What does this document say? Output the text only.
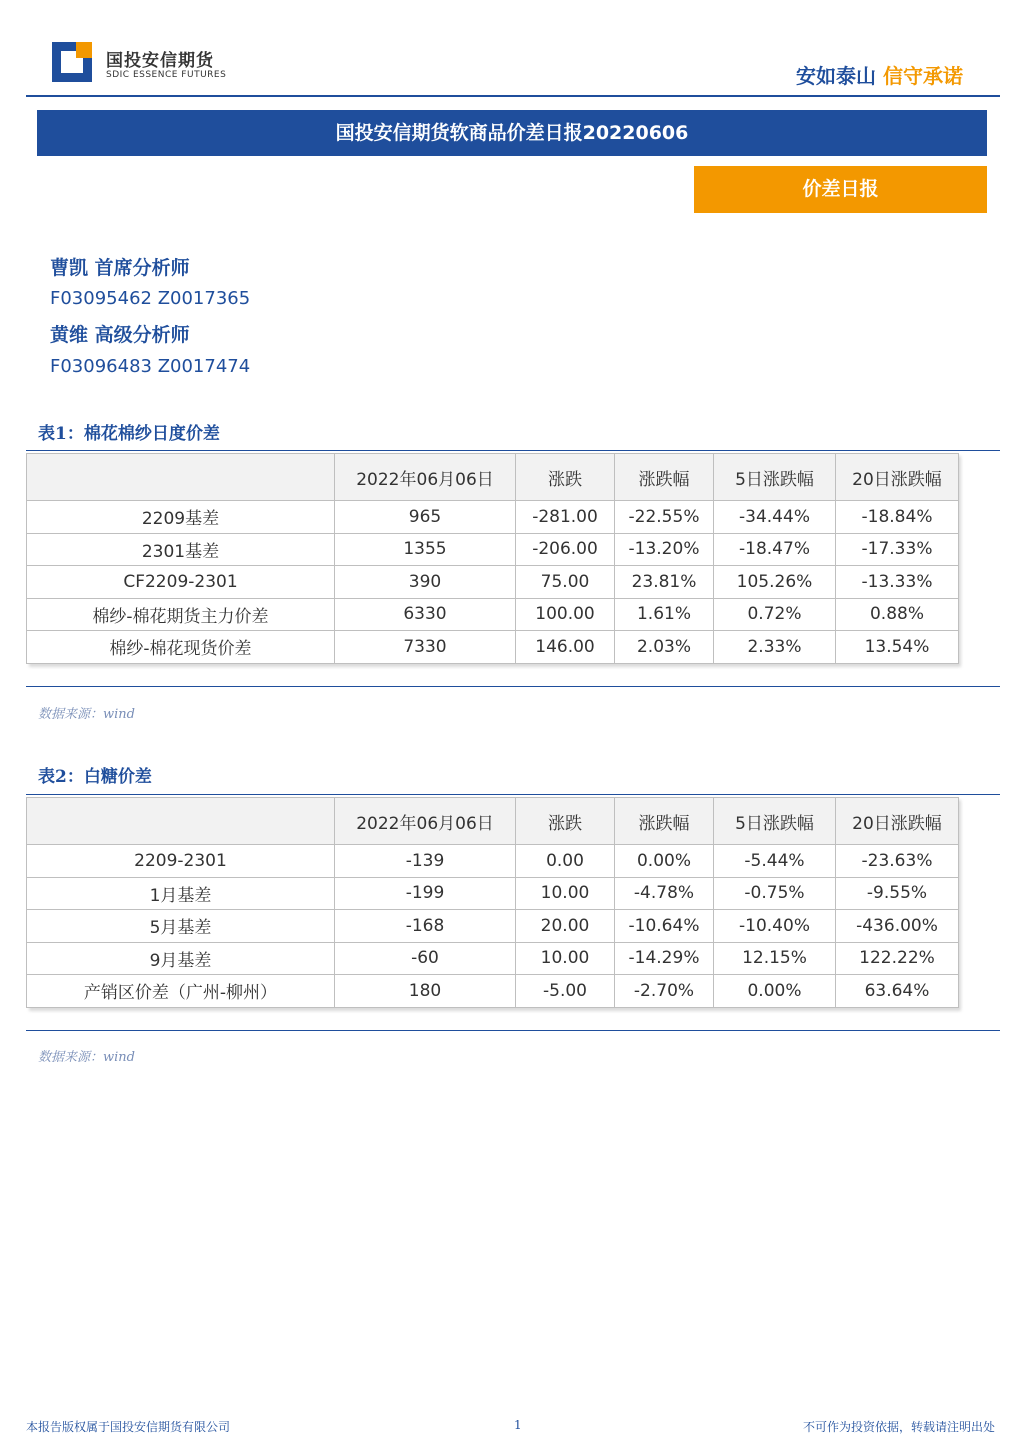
国投安信期货
SDIC ESSENCE FUTURES	安如泰山 信守承诺
国投安信期货软商品价差日报20220606
价差日报
曹凯 首席分析师
F03095462 Z0017365
黄维 高级分析师
F03096483 Z0017474
表1：棉花棉纱日度价差
	2022年06月06日	涨跌	涨跌幅	5日涨跌幅	20日涨跌幅
2209基差	965	-281.00	-22.55%	-34.44%	-18.84%
2301基差	1355	-206.00	-13.20%	-18.47%	-17.33%
CF2209-2301	390	75.00	23.81%	105.26%	-13.33%
棉纱-棉花期货主力价差	6330	100.00	1.61%	0.72%	0.88%
棉纱-棉花现货价差	7330	146.00	2.03%	2.33%	13.54%
数据来源：wind
表2：白糖价差
	2022年06月06日	涨跌	涨跌幅	5日涨跌幅	20日涨跌幅
2209-2301	-139	0.00	0.00%	-5.44%	-23.63%
1月基差	-199	10.00	-4.78%	-0.75%	-9.55%
5月基差	-168	20.00	-10.64%	-10.40%	-436.00%
9月基差	-60	10.00	-14.29%	12.15%	122.22%
产销区价差（广州-柳州）	180	-5.00	-2.70%	0.00%	63.64%
数据来源：wind
本报告版权属于国投安信期货有限公司	1	不可作为投资依据，转载请注明出处
